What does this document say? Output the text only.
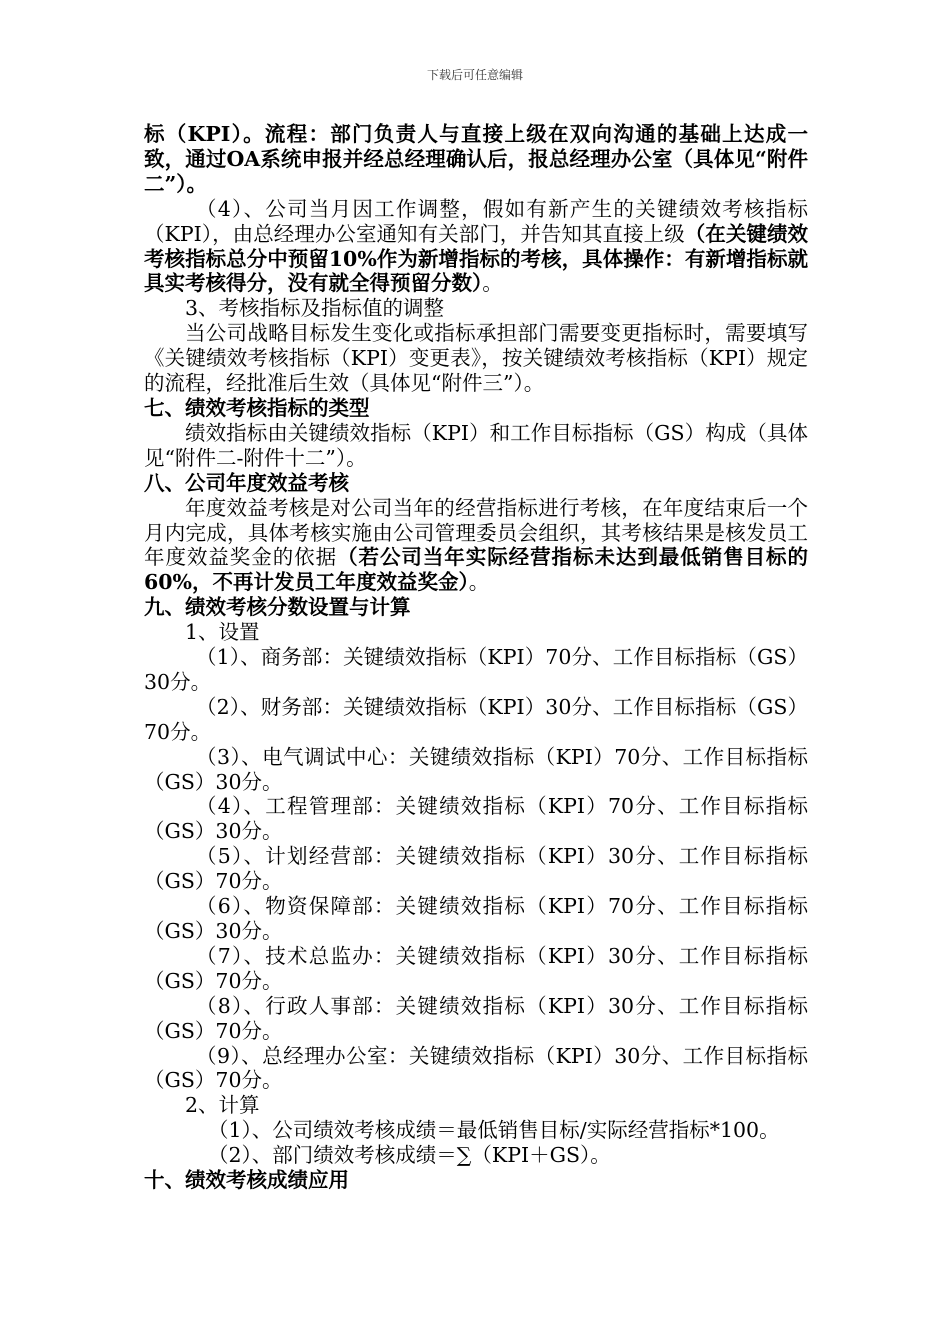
下载后可任意编辑

标（KPI）。流程：部门负责人与直接上级在双向沟通的基础上达成一致，通过OA系统申报并经总经理确认后，报总经理办公室（具体见“附件二”）。

（4）、公司当月因工作调整，假如有新产生的关键绩效考核指标（KPI），由总经理办公室通知有关部门，并告知其直接上级（在关键绩效考核指标总分中预留10%作为新增指标的考核，具体操作：有新增指标就具实考核得分，没有就全得预留分数）。

3、考核指标及指标值的调整

当公司战略目标发生变化或指标承担部门需要变更指标时，需要填写《关键绩效考核指标（KPI）变更表》，按关键绩效考核指标（KPI）规定的流程，经批准后生效（具体见“附件三”）。

七、绩效考核指标的类型

绩效指标由关键绩效指标（KPI）和工作目标指标（GS）构成（具体见“附件二-附件十二”）。

八、公司年度效益考核

年度效益考核是对公司当年的经营指标进行考核，在年度结束后一个月内完成，具体考核实施由公司管理委员会组织，其考核结果是核发员工年度效益奖金的依据（若公司当年实际经营指标未达到最低销售目标的60%，不再计发员工年度效益奖金）。

九、绩效考核分数设置与计算

1、设置

（1）、商务部：关键绩效指标（KPI）70分、工作目标指标（GS）30分。

（2）、财务部：关键绩效指标（KPI）30分、工作目标指标（GS）70分。

（3）、电气调试中心：关键绩效指标（KPI）70分、工作目标指标（GS）30分。

（4）、工程管理部：关键绩效指标（KPI）70分、工作目标指标（GS）30分。

（5）、计划经营部：关键绩效指标（KPI）30分、工作目标指标（GS）70分。

（6）、物资保障部：关键绩效指标（KPI）70分、工作目标指标（GS）30分。

（7）、技术总监办：关键绩效指标（KPI）30分、工作目标指标（GS）70分。

（8）、行政人事部：关键绩效指标（KPI）30分、工作目标指标（GS）70分。

（9）、总经理办公室：关键绩效指标（KPI）30分、工作目标指标（GS）70分。

2、计算

（1）、公司绩效考核成绩＝最低销售目标/实际经营指标*100。

（2）、部门绩效考核成绩＝∑（KPI＋GS）。

十、绩效考核成绩应用
